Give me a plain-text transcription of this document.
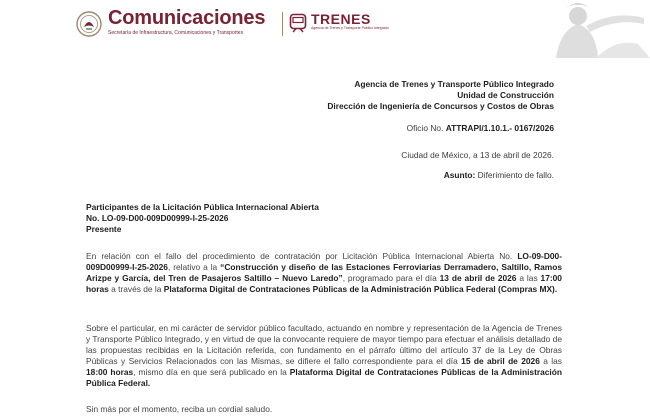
Comunicaciones
Secretaría de Infraestructura, Comunicaciones y Transportes
TRENES
Agencia de Trenes y Transporte Público Integrado
Agencia de Trenes y Transporte Público Integrado
Unidad de Construcción
Dirección de Ingeniería de Concursos y Costos de Obras
Oficio No. ATTRAPI/1.10.1.- 0167/2026
Ciudad de México, a 13 de abril de 2026.
Asunto: Diferimiento de fallo.
Participantes de la Licitación Pública Internacional Abierta
No. LO-09-D00-009D00999-I-25-2026
Presente

En relación con el fallo del procedimiento de contratación por Licitación Pública Internacional Abierta No. LO-09-D00-009D00999-I-25-2026, relativo a la “Construcción y diseño de las Estaciones Ferroviarias Derramadero, Saltillo, Ramos Arizpe y García, del Tren de Pasajeros Saltillo – Nuevo Laredo”, programado para el día 13 de abril de 2026 a las 17:00 horas a través de la Plataforma Digital de Contrataciones Públicas de la Administración Pública Federal (Compras MX).

Sobre el particular, en mi carácter de servidor público facultado, actuando en nombre y representación de la Agencia de Trenes y Transporte Público Integrado, y en virtud de que la convocante requiere de mayor tiempo para efectuar el análisis detallado de las propuestas recibidas en la Licitación referida, con fundamento en el párrafo último del artículo 37 de la Ley de Obras Públicas y Servicios Relacionados con las Mismas, se difiere el fallo correspondiente para el día 15 de abril de 2026 a las 18:00 horas, mismo día en que será publicado en la Plataforma Digital de Contrataciones Públicas de la Administración Pública Federal.

Sin más por el momento, reciba un cordial saludo.
